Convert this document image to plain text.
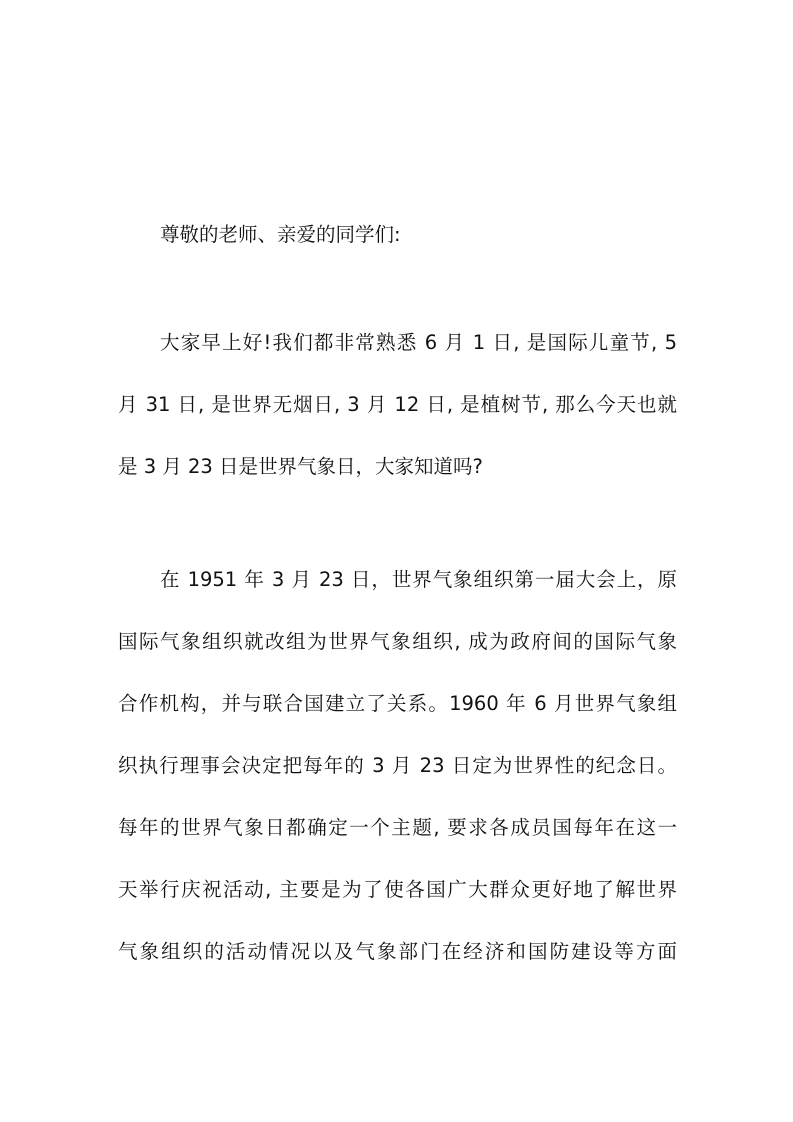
尊敬的老师、亲爱的同学们:
大家早上好!我们都非常熟悉 6 月 1 日, 是国际儿童节, 5
月 31 日, 是世界无烟日, 3 月 12 日, 是植树节, 那么今天也就
是 3 月 23 日是世界气象日，大家知道吗?
在 1951 年 3 月 23 日，世界气象组织第一届大会上，原
国际气象组织就改组为世界气象组织, 成为政府间的国际气象
合作机构，并与联合国建立了关系。1960 年 6 月世界气象组
织执行理事会决定把每年的 3 月 23 日定为世界性的纪念日。
每年的世界气象日都确定一个主题, 要求各成员国每年在这一
天举行庆祝活动, 主要是为了使各国广大群众更好地了解世界
气象组织的活动情况以及气象部门在经济和国防建设等方面
